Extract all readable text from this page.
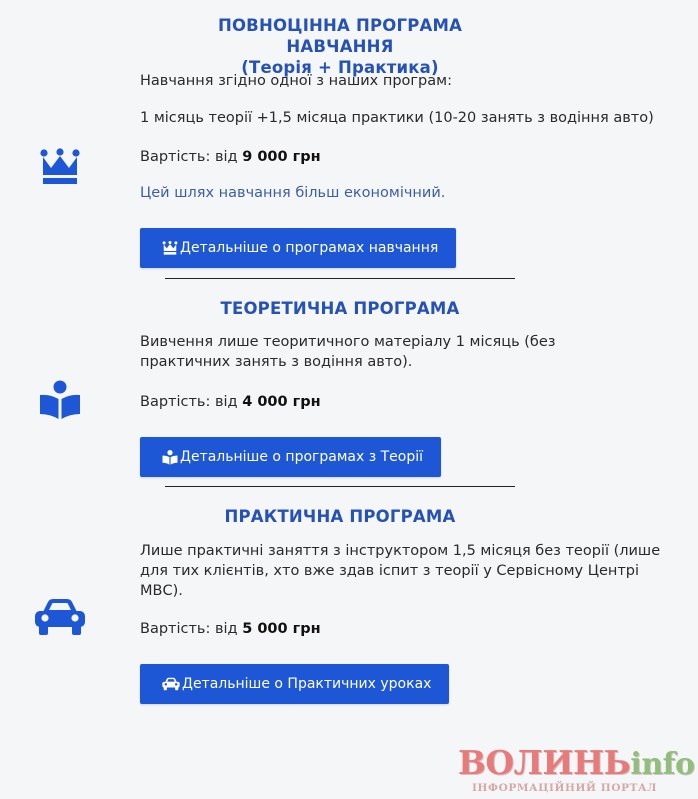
ПОВНОЦІННА ПРОГРАМА НАВЧАННЯ
(Теорія + Практика)
Навчання згідно одної з наших програм:
1 місяць теорії +1,5 місяца практики (10-20 занять з водіння авто)
Вартість: від 9 000 грн
Цей шлях навчання більш економічний.
Детальніше о програмах навчання
ТЕОРЕТИЧНА ПРОГРАМА
Вивчення лише теоритичного матеріалу 1 місяць (без практичних занять з водіння авто).
Вартість: від 4 000 грн
Детальніше о програмах з Теорії
ПРАКТИЧНА ПРОГРАМА
Лише практичні заняття з інструктором 1,5 місяця без теорії (лише для тих клієнтів, хто вже здав іспит з теорії у Сервісному Центрі МВС).
Вартість: від 5 000 грн
Детальніше о Практичних уроках
ВОЛИНЬinfo
ІНФОРМАЦІЙНИЙ ПОРТАЛ
